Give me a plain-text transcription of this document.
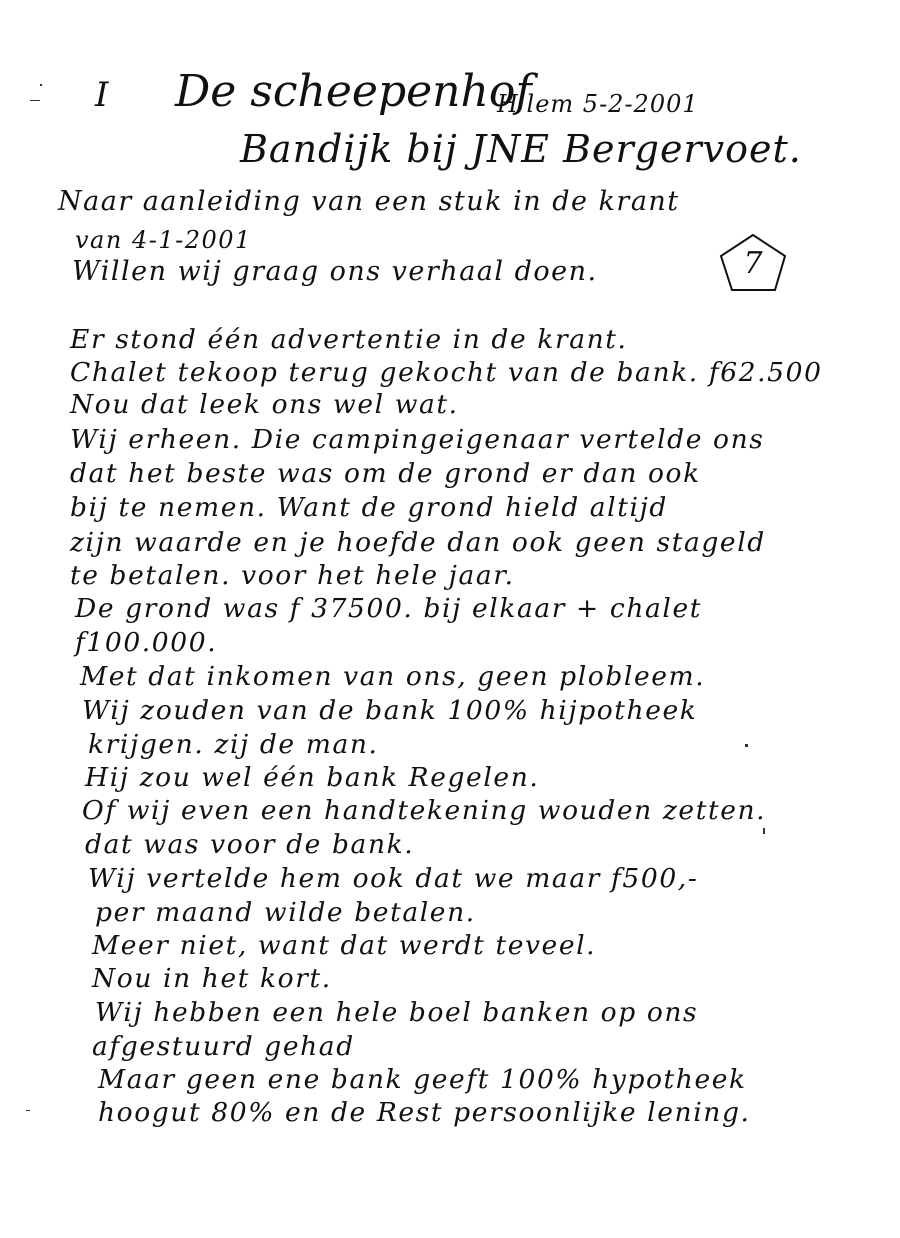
I De scheepenhof
H'lem 5-2-2001
Bandijk bij JNE Bergervoet.
Naar aanleiding van een stuk in de krant
van 4-1-2001
Willen wij graag ons verhaal doen.	7
Er stond één advertentie in de krant.
Chalet tekoop terug gekocht van de bank. f62.500
Nou dat leek ons wel wat.
Wij erheen. Die campingeigenaar vertelde ons
dat het beste was om de grond er dan ook
bij te nemen. Want de grond hield altijd
zijn waarde en je hoefde dan ook geen stageld
te betalen. voor het hele jaar.
De grond was f 37500. bij elkaar + chalet
f100.000.
Met dat inkomen van ons, geen plobleem.
Wij zouden van de bank 100% hijpotheek
krijgen. zij de man.
Hij zou wel één bank Regelen.
Of wij even een handtekening wouden zetten.
dat was voor de bank.
Wij vertelde hem ook dat we maar f500,-
per maand wilde betalen.
Meer niet, want dat werdt teveel.
Nou in het kort.
Wij hebben een hele boel banken op ons
afgestuurd gehad
Maar geen ene bank geeft 100% hypotheek
hoogut 80% en de Rest persoonlijke lening.
